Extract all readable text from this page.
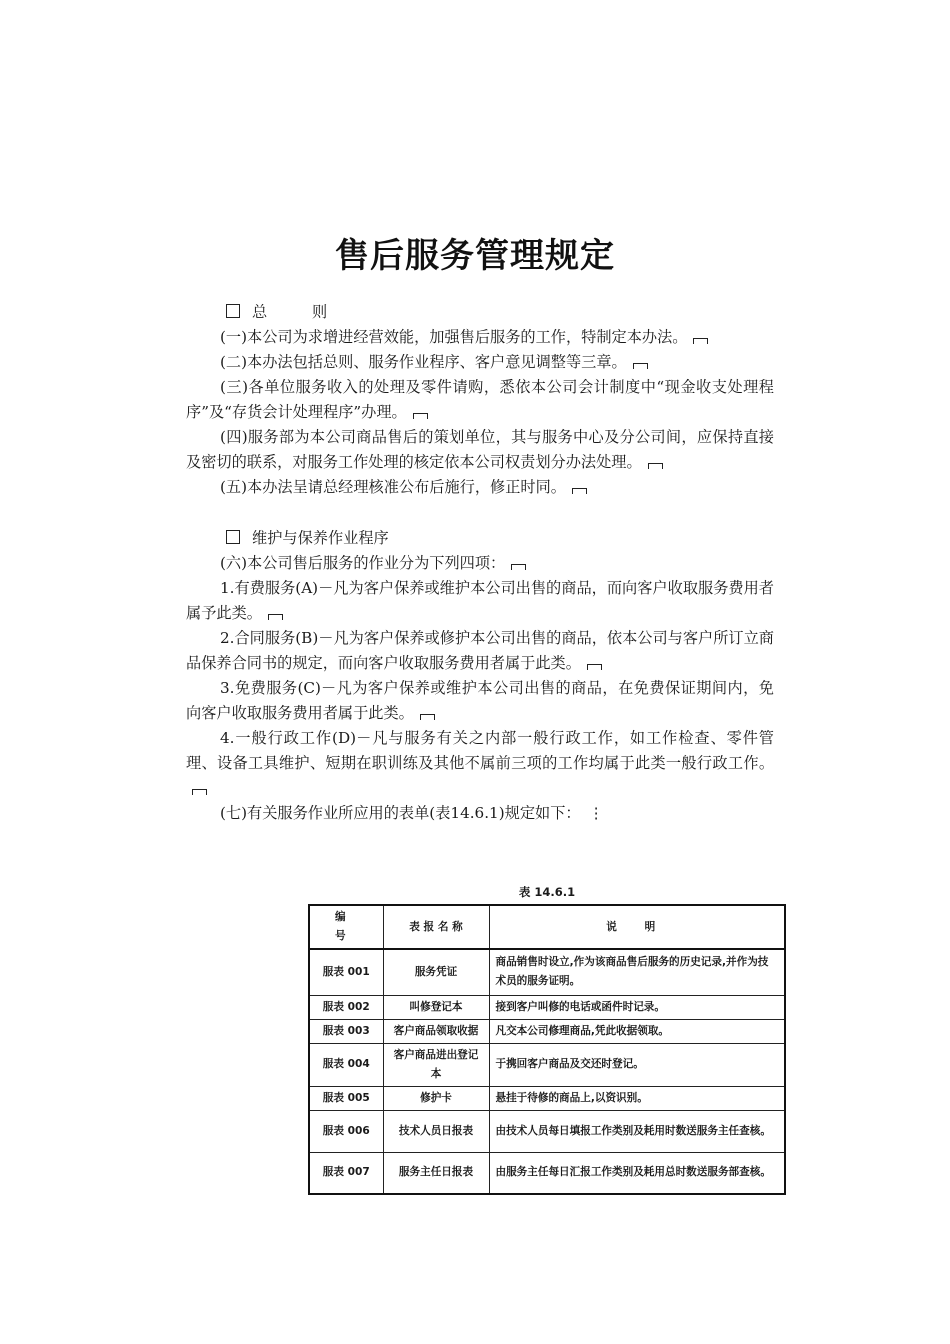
售后服务管理规定

总 则

(一)本公司为求增进经营效能，加强售后服务的工作，特制定本办法。

(二)本办法包括总则、服务作业程序、客户意见调整等三章。

(三)各单位服务收入的处理及零件请购，悉依本公司会计制度中“现金收支处理程序”及“存货会计处理程序”办理。

(四)服务部为本公司商品售后的策划单位，其与服务中心及分公司间，应保持直接及密切的联系，对服务工作处理的核定依本公司权责划分办法处理。

(五)本办法呈请总经理核准公布后施行，修正时同。

维护与保养作业程序

(六)本公司售后服务的作业分为下列四项：

1.有费服务(A)－凡为客户保养或维护本公司出售的商品，而向客户收取服务费用者属予此类。

2.合同服务(B)－凡为客户保养或修护本公司出售的商品，依本公司与客户所订立商品保养合同书的规定，而向客户收取服务费用者属于此类。

3.免费服务(C)－凡为客户保养或维护本公司出售的商品，在免费保证期间内，免向客户收取服务费用者属于此类。

4.一般行政工作(D)－凡与服务有关之内部一般行政工作，如工作检查、零件管理、设备工具维护、短期在职训练及其他不属前三项的工作均属于此类一般行政工作。

(七)有关服务作业所应用的表单(表14.6.1)规定如下： ⋮

表 14.6.1
编 号	表 报 名 称	说 明
服表 001	服务凭证	商品销售时设立,作为该商品售后服务的历史记录,并作为技术员的服务证明。
服表 002	叫修登记本	接到客户叫修的电话或函件时记录。
服表 003	客户商品领取收据	凡交本公司修理商品,凭此收据领取。
服表 004	客户商品进出登记本	于携回客户商品及交还时登记。
服表 005	修护卡	悬挂于待修的商品上,以资识别。
服表 006	技术人员日报表	由技术人员每日填报工作类别及耗用时数送服务主任查核。
服表 007	服务主任日报表	由服务主任每日汇报工作类别及耗用总时数送服务部查核。
